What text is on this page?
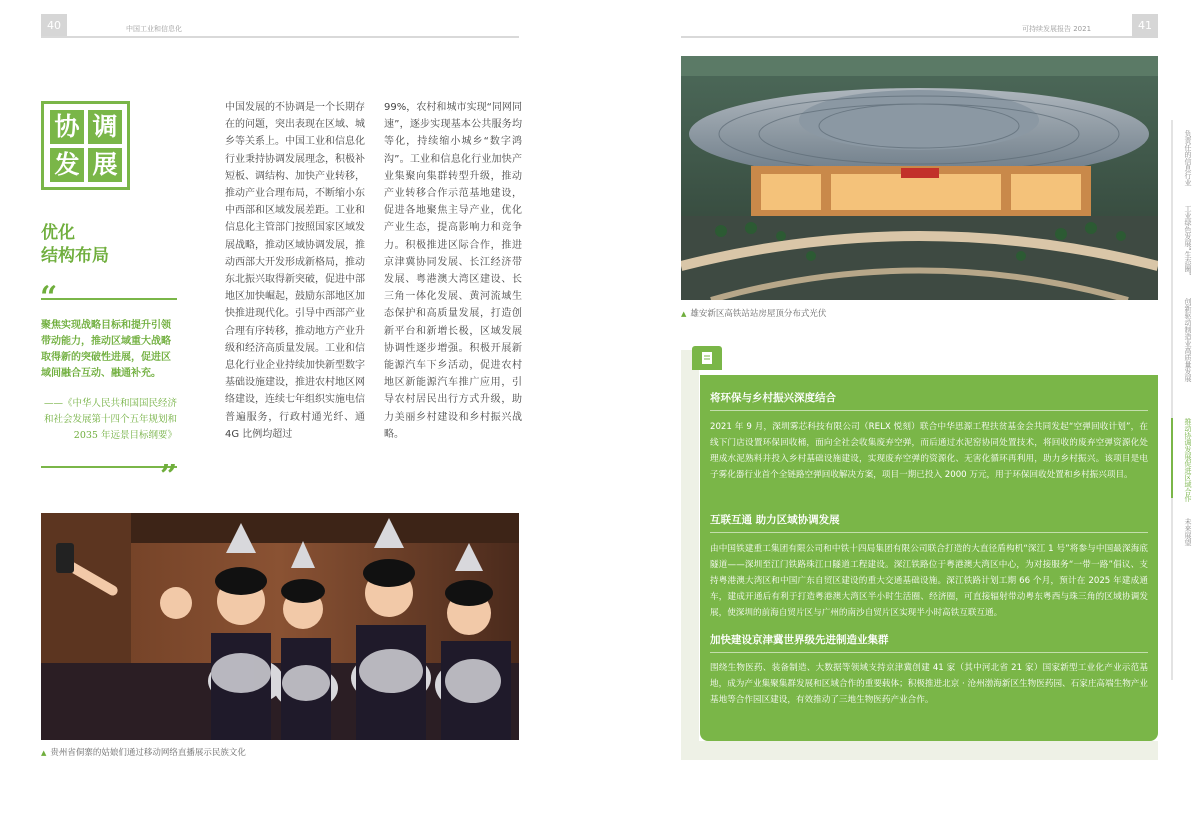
40	中国工业和信息化	可持续发展报告 2021	41
协 调
发 展
优化
结构布局
“
聚焦实现战略目标和提升引领带动能力，推动区域重大战略取得新的突破性进展，促进区域间融合互动、融通补充。
——《中华人民共和国国民经济和社会发展第十四个五年规划和2035 年远景目标纲要》
”
中国发展的不协调是一个长期存在的问题，突出表现在区域、城乡等关系上。中国工业和信息化行业秉持协调发展理念，积极补短板、调结构、加快产业转移，推动产业合理布局，不断缩小东中西部和区域发展差距。工业和信息化主管部门按照国家区域发展战略，推动区域协调发展，推动西部大开发形成新格局，推动东北振兴取得新突破，促进中部地区加快崛起，鼓励东部地区加快推进现代化。引导中西部产业合理有序转移，推动地方产业升级和经济高质量发展。工业和信息化行业企业持续加快新型数字基础设施建设，推进农村地区网络建设，连续七年组织实施电信普遍服务，行政村通光纤、通 4G 比例均超过
99%，农村和城市实现“同网同速”，逐步实现基本公共服务均等化，持续缩小城乡“数字鸿沟”。工业和信息化行业加快产业集聚向集群转型升级，推动产业转移合作示范基地建设，促进各地聚焦主导产业，优化产业生态，提高影响力和竞争力。积极推进区际合作，推进京津冀协同发展、长江经济带发展、粤港澳大湾区建设、长三角一体化发展、黄河流域生态保护和高质量发展，打造创新平台和新增长极，区域发展协调性逐步增强。积极开展新能源汽车下乡活动，促进农村地区新能源汽车推广应用，引导农村居民出行方式升级，助力美丽乡村建设和乡村振兴战略。
▲ 贵州省侗寨的姑娘们通过移动网络直播展示民族文化
▲ 雄安新区高铁站站房屋顶分布式光伏
将环保与乡村振兴深度结合
2021 年 9 月，深圳雾芯科技有限公司（RELX 悦刻）联合中华思源工程扶贫基金会共同发起“空弹回收计划”，在线下门店设置环保回收桶，面向全社会收集废弃空弹，而后通过水泥窑协同处置技术，将回收的废弃空弹资源化处理成水泥熟料并投入乡村基础设施建设，实现废弃空弹的资源化、无害化循环再利用，助力乡村振兴。该项目是电子雾化器行业首个全链路空弹回收解决方案，项目一期已投入 2000 万元，用于环保回收处置和乡村振兴项目。
互联互通 助力区域协调发展
由中国铁建重工集团有限公司和中铁十四局集团有限公司联合打造的大直径盾构机“深江 1 号”将参与中国最深海底隧道——深圳至江门铁路珠江口隧道工程建设。深江铁路位于粤港澳大湾区中心，为对接服务“一带一路”倡议、支持粤港澳大湾区和中国广东自贸区建设的重大交通基础设施。深江铁路计划工期 66 个月，预计在 2025 年建成通车，建成开通后有利于打造粤港澳大湾区半小时生活圈、经济圈，可直接辐射带动粤东粤西与珠三角的区域协调发展，使深圳的前海自贸片区与广州的南沙自贸片区实现半小时高铁互联互通。
加快建设京津冀世界级先进制造业集群
围绕生物医药、装备制造、大数据等领域支持京津冀创建 41 家（其中河北省 21 家）国家新型工业化产业示范基地，成为产业集聚集群发展和区域合作的重要载体；积极推进北京 · 沧州渤海新区生物医药园、石家庄高端生物产业基地等合作园区建设，有效推动了三地生物医药产业合作。
负责任的信息行业
工业绿色发展“生态圈”
创新驱动制造业高质量发展
推动协调发展促进区域合作
未来展望
